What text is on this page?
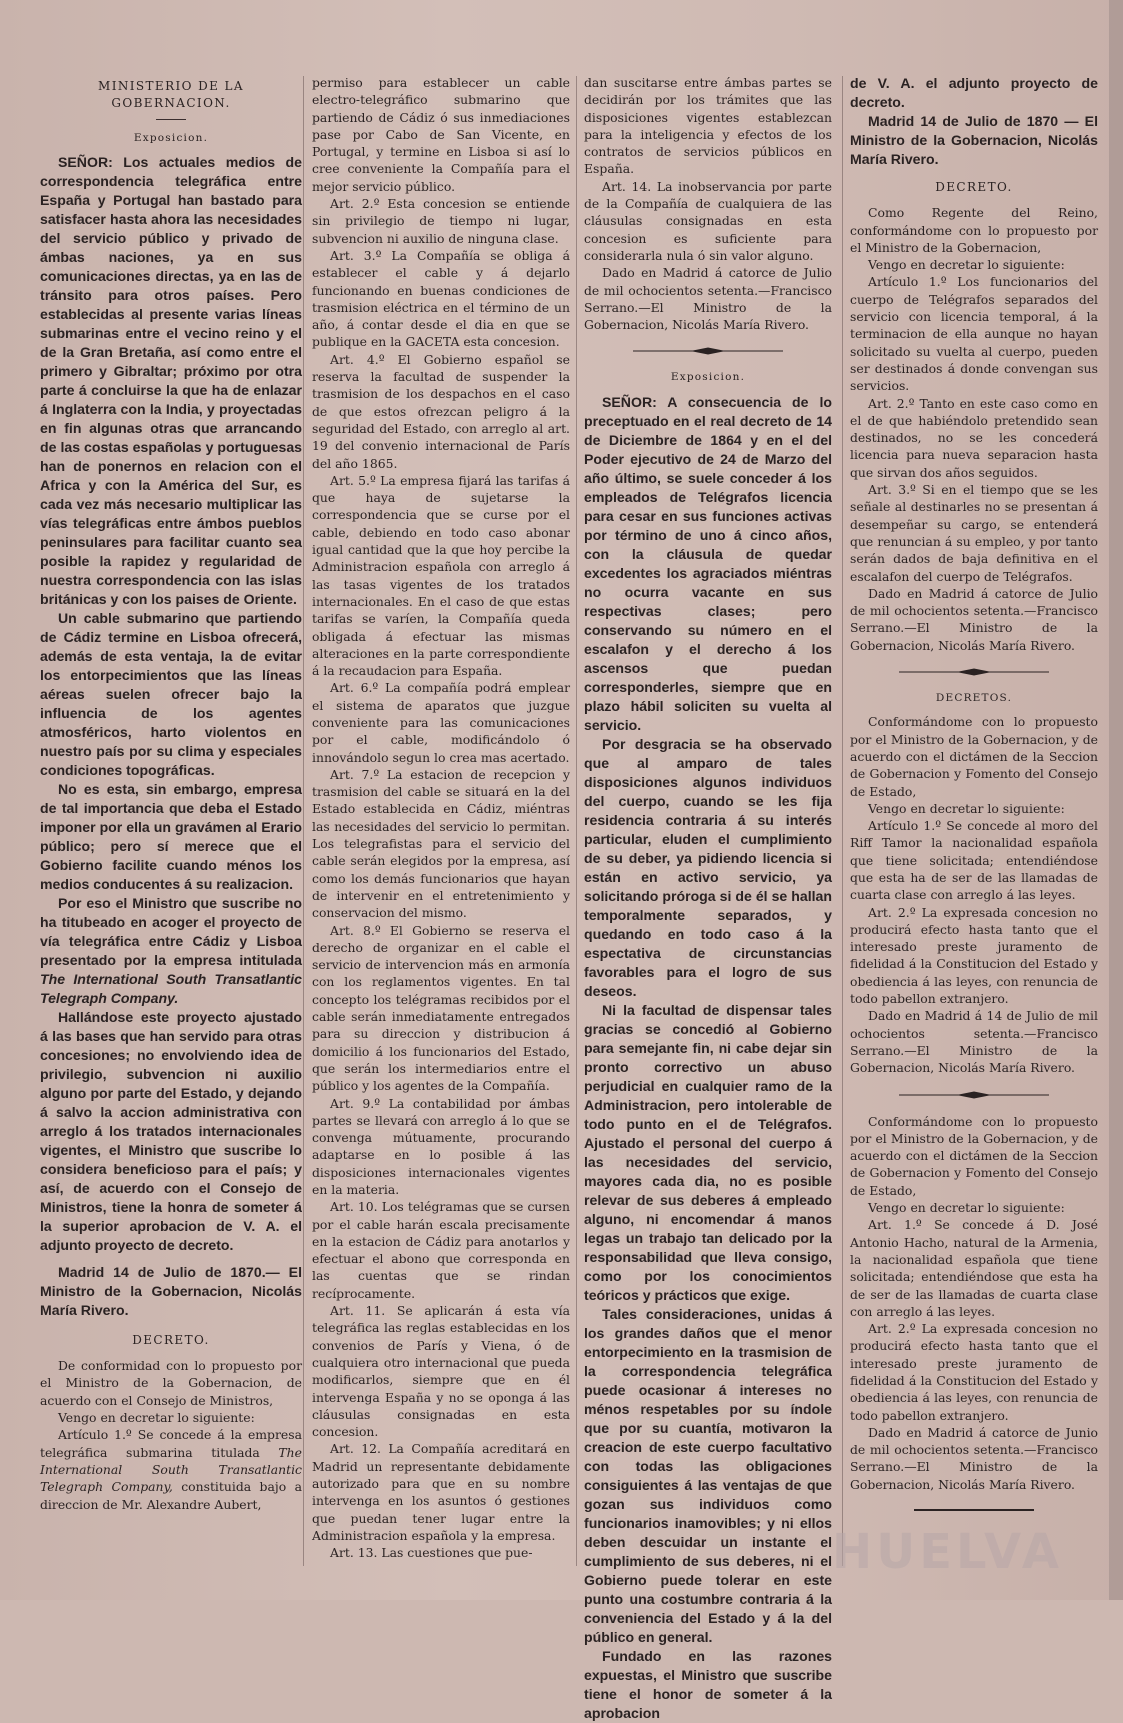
MINISTERIO DE LA GOBERNACION.
Exposicion.

SEÑOR: Los actuales medios de correspondencia telegráfica entre España y Portugal han bastado para satisfacer hasta ahora las necesidades del servicio público y privado de ámbas naciones, ya en sus comunicaciones directas, ya en las de tránsito para otros países. Pero establecidas al presente varias líneas submarinas entre el vecino reino y el de la Gran Bretaña, así como entre el primero y Gibraltar; próximo por otra parte á concluirse la que ha de enlazar á Inglaterra con la India, y proyectadas en fin algunas otras que arrancando de las costas españolas y portuguesas han de ponernos en relacion con el Africa y con la América del Sur, es cada vez más necesario multiplicar las vías telegráficas entre ámbos pueblos peninsulares para facilitar cuanto sea posible la rapidez y regularidad de nuestra correspondencia con las islas británicas y con los paises de Oriente.

Un cable submarino que partiendo de Cádiz termine en Lisboa ofrecerá, además de esta ventaja, la de evitar los entorpecimientos que las líneas aéreas suelen ofrecer bajo la influencia de los agentes atmosféricos, harto violentos en nuestro país por su clima y especiales condiciones topográficas.

No es esta, sin embargo, empresa de tal importancia que deba el Estado imponer por ella un gravámen al Erario público; pero sí merece que el Gobierno facilite cuando ménos los medios conducentes á su realizacion.

Por eso el Ministro que suscribe no ha titubeado en acoger el proyecto de vía telegráfica entre Cádiz y Lisboa presentado por la empresa intitulada The International South Transatlantic Telegraph Company.

Hallándose este proyecto ajustado á las bases que han servido para otras concesiones; no envolviendo idea de privilegio, subvencion ni auxilio alguno por parte del Estado, y dejando á salvo la accion administrativa con arreglo á los tratados internacionales vigentes, el Ministro que suscribe lo considera beneficioso para el país; y así, de acuerdo con el Consejo de Ministros, tiene la honra de someter á la superior aprobacion de V. A. el adjunto proyecto de decreto.

Madrid 14 de Julio de 1870.— El Ministro de la Gobernacion, Nicolás María Rivero.

DECRETO.

De conformidad con lo propuesto por el Ministro de la Gobernacion, de acuerdo con el Consejo de Ministros,

Vengo en decretar lo siguiente:

Artículo 1.º Se concede á la empresa telegráfica submarina titulada The International South Transatlantic Telegraph Company, constituida bajo a direccion de Mr. Alexandre Aubert,

permiso para establecer un cable electro-telegráfico submarino que partiendo de Cádiz ó sus inmediaciones pase por Cabo de San Vicente, en Portugal, y termine en Lisboa si así lo cree conveniente la Compañía para el mejor servicio público.

Art. 2.º Esta concesion se entiende sin privilegio de tiempo ni lugar, subvencion ni auxilio de ninguna clase.

Art. 3.º La Compañía se obliga á establecer el cable y á dejarlo funcionando en buenas condiciones de trasmision eléctrica en el término de un año, á contar desde el dia en que se publique en la GACETA esta concesion.

Art. 4.º El Gobierno español se reserva la facultad de suspender la trasmision de los despachos en el caso de que estos ofrezcan peligro á la seguridad del Estado, con arreglo al art. 19 del convenio internacional de París del año 1865.

Art. 5.º La empresa fijará las tarifas á que haya de sujetarse la correspondencia que se curse por el cable, debiendo en todo caso abonar igual cantidad que la que hoy percibe la Administracion española con arreglo á las tasas vigentes de los tratados internacionales. En el caso de que estas tarifas se varíen, la Compañía queda obligada á efectuar las mismas alteraciones en la parte correspondiente á la recaudacion para España.

Art. 6.º La compañía podrá emplear el sistema de aparatos que juzgue conveniente para las comunicaciones por el cable, modificándolo ó innovándolo segun lo crea mas acertado.

Art. 7.º La estacion de recepcion y trasmision del cable se situará en la del Estado establecida en Cádiz, miéntras las necesidades del servicio lo permitan. Los telegrafistas para el servicio del cable serán elegidos por la empresa, así como los demás funcionarios que hayan de intervenir en el entretenimiento y conservacion del mismo.

Art. 8.º El Gobierno se reserva el derecho de organizar en el cable el servicio de intervencion más en armonía con los reglamentos vigentes. En tal concepto los telégramas recibidos por el cable serán inmediatamente entregados para su direccion y distribucion á domicilio á los funcionarios del Estado, que serán los intermediarios entre el público y los agentes de la Compañía.

Art. 9.º La contabilidad por ámbas partes se llevará con arreglo á lo que se convenga mútuamente, procurando adaptarse en lo posible á las disposiciones internacionales vigentes en la materia.

Art. 10. Los telégramas que se cursen por el cable harán escala precisamente en la estacion de Cádiz para anotarlos y efectuar el abono que corresponda en las cuentas que se rindan recíprocamente.

Art. 11. Se aplicarán á esta vía telegráfica las reglas establecidas en los convenios de París y Viena, ó de cualquiera otro internacional que pueda modificarlos, siempre que en él intervenga España y no se oponga á las cláusulas consignadas en esta concesion.

Art. 12. La Compañía acreditará en Madrid un representante debidamente autorizado para que en su nombre intervenga en los asuntos ó gestiones que puedan tener lugar entre la Administracion española y la empresa.

Art. 13. Las cuestiones que pue-

dan suscitarse entre ámbas partes se decidirán por los trámites que las disposiciones vigentes establezcan para la inteligencia y efectos de los contratos de servicios públicos en España.

Art. 14. La inobservancia por parte de la Compañía de cualquiera de las cláusulas consignadas en esta concesion es suficiente para considerarla nula ó sin valor alguno.

Dado en Madrid á catorce de Julio de mil ochocientos setenta.—Francisco Serrano.—El Ministro de la Gobernacion, Nicolás María Rivero.

Exposicion.

SEÑOR: A consecuencia de lo preceptuado en el real decreto de 14 de Diciembre de 1864 y en el del Poder ejecutivo de 24 de Marzo del año último, se suele conceder á los empleados de Telégrafos licencia para cesar en sus funciones activas por término de uno á cinco años, con la cláusula de quedar excedentes los agraciados miéntras no ocurra vacante en sus respectivas clases; pero conservando su número en el escalafon y el derecho á los ascensos que puedan corresponderles, siempre que en plazo hábil soliciten su vuelta al servicio.

Por desgracia se ha observado que al amparo de tales disposiciones algunos individuos del cuerpo, cuando se les fija residencia contraria á su interés particular, eluden el cumplimiento de su deber, ya pidiendo licencia si están en activo servicio, ya solicitando próroga si de él se hallan temporalmente separados, y quedando en todo caso á la espectativa de circunstancias favorables para el logro de sus deseos.

Ni la facultad de dispensar tales gracias se concedió al Gobierno para semejante fin, ni cabe dejar sin pronto correctivo un abuso perjudicial en cualquier ramo de la Administracion, pero intolerable de todo punto en el de Telégrafos. Ajustado el personal del cuerpo á las necesidades del servicio, mayores cada dia, no es posible relevar de sus deberes á empleado alguno, ni encomendar á manos legas un trabajo tan delicado por la responsabilidad que lleva consigo, como por los conocimientos teóricos y prácticos que exige.

Tales consideraciones, unidas á los grandes daños que el menor entorpecimiento en la trasmision de la correspondencia telegráfica puede ocasionar á intereses no ménos respetables por su índole que por su cuantía, motivaron la creacion de este cuerpo facultativo con todas las obligaciones consiguientes á las ventajas de que gozan sus individuos como funcionarios inamovibles; y ni ellos deben descuidar un instante el cumplimiento de sus deberes, ni el Gobierno puede tolerar en este punto una costumbre contraria á la conveniencia del Estado y á la del público en general.

Fundado en las razones expuestas, el Ministro que suscribe tiene el honor de someter á la aprobacion

de V. A. el adjunto proyecto de decreto.

Madrid 14 de Julio de 1870 — El Ministro de la Gobernacion, Nicolás María Rivero.

DECRETO.

Como Regente del Reino, conformándome con lo propuesto por el Ministro de la Gobernacion,

Vengo en decretar lo siguiente:

Artículo 1.º Los funcionarios del cuerpo de Telégrafos separados del servicio con licencia temporal, á la terminacion de ella aunque no hayan solicitado su vuelta al cuerpo, pueden ser destinados á donde convengan sus servicios.

Art. 2.º Tanto en este caso como en el de que habiéndolo pretendido sean destinados, no se les concederá licencia para nueva separacion hasta que sirvan dos años seguidos.

Art. 3.º Si en el tiempo que se les señale al destinarles no se presentan á desempeñar su cargo, se entenderá que renuncian á su empleo, y por tanto serán dados de baja definitiva en el escalafon del cuerpo de Telégrafos.

Dado en Madrid á catorce de Julio de mil ochocientos setenta.—Francisco Serrano.—El Ministro de la Gobernacion, Nicolás María Rivero.

DECRETOS.

Conformándome con lo propuesto por el Ministro de la Gobernacion, y de acuerdo con el dictámen de la Seccion de Gobernacion y Fomento del Consejo de Estado,

Vengo en decretar lo siguiente:

Artículo 1.º Se concede al moro del Riff Tamor la nacionalidad española que tiene solicitada; entendiéndose que esta ha de ser de las llamadas de cuarta clase con arreglo á las leyes.

Art. 2.º La expresada concesion no producirá efecto hasta tanto que el interesado preste juramento de fidelidad á la Constitucion del Estado y obediencia á las leyes, con renuncia de todo pabellon extranjero.

Dado en Madrid á 14 de Julio de mil ochocientos setenta.—Francisco Serrano.—El Ministro de la Gobernacion, Nicolás María Rivero.

Conformándome con lo propuesto por el Ministro de la Gobernacion, y de acuerdo con el dictámen de la Seccion de Gobernacion y Fomento del Consejo de Estado,

Vengo en decretar lo siguiente:

Art. 1.º Se concede á D. José Antonio Hacho, natural de la Armenia, la nacionalidad española que tiene solicitada; entendiéndose que esta ha de ser de las llamadas de cuarta clase con arreglo á las leyes.

Art. 2.º La expresada concesion no producirá efecto hasta tanto que el interesado preste juramento de fidelidad á la Constitucion del Estado y obediencia á las leyes, con renuncia de todo pabellon extranjero.

Dado en Madrid á catorce de Junio de mil ochocientos setenta.—Francisco Serrano.—El Ministro de la Gobernacion, Nicolás María Rivero.

HUELVA
